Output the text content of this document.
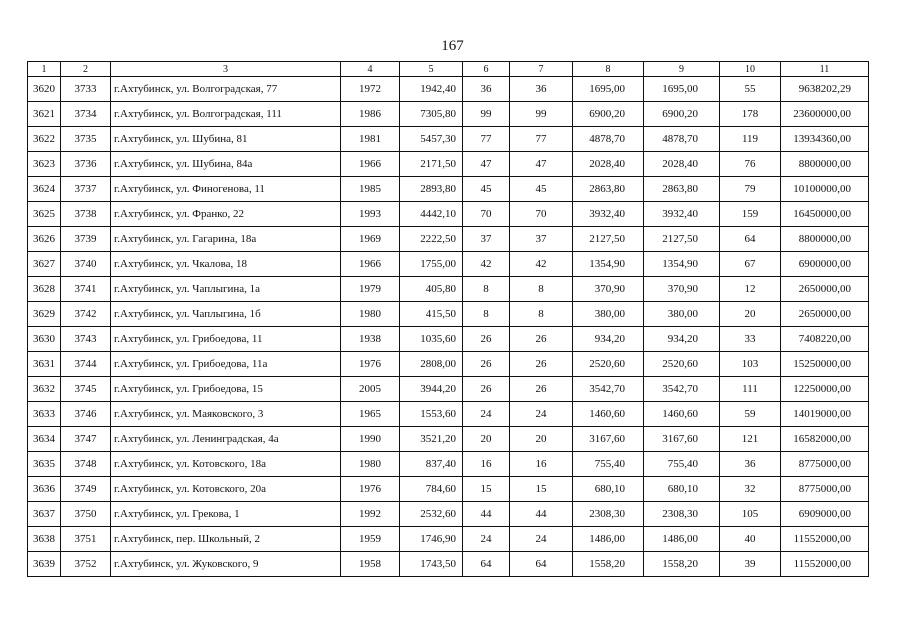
167
1	2	3	4	5	6	7	8	9	10	11
3620	3733	г.Ахтубинск, ул. Волгоградская, 77	1972	1942,40	36	36	1695,00	1695,00	55	9638202,29
3621	3734	г.Ахтубинск, ул. Волгоградская, 111	1986	7305,80	99	99	6900,20	6900,20	178	23600000,00
3622	3735	г.Ахтубинск, ул. Шубина, 81	1981	5457,30	77	77	4878,70	4878,70	119	13934360,00
3623	3736	г.Ахтубинск, ул. Шубина, 84а	1966	2171,50	47	47	2028,40	2028,40	76	8800000,00
3624	3737	г.Ахтубинск, ул. Финогенова, 11	1985	2893,80	45	45	2863,80	2863,80	79	10100000,00
3625	3738	г.Ахтубинск, ул. Франко, 22	1993	4442,10	70	70	3932,40	3932,40	159	16450000,00
3626	3739	г.Ахтубинск, ул. Гагарина, 18а	1969	2222,50	37	37	2127,50	2127,50	64	8800000,00
3627	3740	г.Ахтубинск, ул. Чкалова, 18	1966	1755,00	42	42	1354,90	1354,90	67	6900000,00
3628	3741	г.Ахтубинск, ул. Чаплыгина, 1а	1979	405,80	8	8	370,90	370,90	12	2650000,00
3629	3742	г.Ахтубинск, ул. Чаплыгина, 1б	1980	415,50	8	8	380,00	380,00	20	2650000,00
3630	3743	г.Ахтубинск, ул. Грибоедова, 11	1938	1035,60	26	26	934,20	934,20	33	7408220,00
3631	3744	г.Ахтубинск, ул. Грибоедова, 11а	1976	2808,00	26	26	2520,60	2520,60	103	15250000,00
3632	3745	г.Ахтубинск, ул. Грибоедова, 15	2005	3944,20	26	26	3542,70	3542,70	111	12250000,00
3633	3746	г.Ахтубинск, ул. Маяковского, 3	1965	1553,60	24	24	1460,60	1460,60	59	14019000,00
3634	3747	г.Ахтубинск, ул. Ленинградская, 4а	1990	3521,20	20	20	3167,60	3167,60	121	16582000,00
3635	3748	г.Ахтубинск, ул. Котовского, 18а	1980	837,40	16	16	755,40	755,40	36	8775000,00
3636	3749	г.Ахтубинск, ул. Котовского, 20а	1976	784,60	15	15	680,10	680,10	32	8775000,00
3637	3750	г.Ахтубинск, ул. Грекова, 1	1992	2532,60	44	44	2308,30	2308,30	105	6909000,00
3638	3751	г.Ахтубинск, пер. Школьный, 2	1959	1746,90	24	24	1486,00	1486,00	40	11552000,00
3639	3752	г.Ахтубинск, ул. Жуковского, 9	1958	1743,50	64	64	1558,20	1558,20	39	11552000,00
